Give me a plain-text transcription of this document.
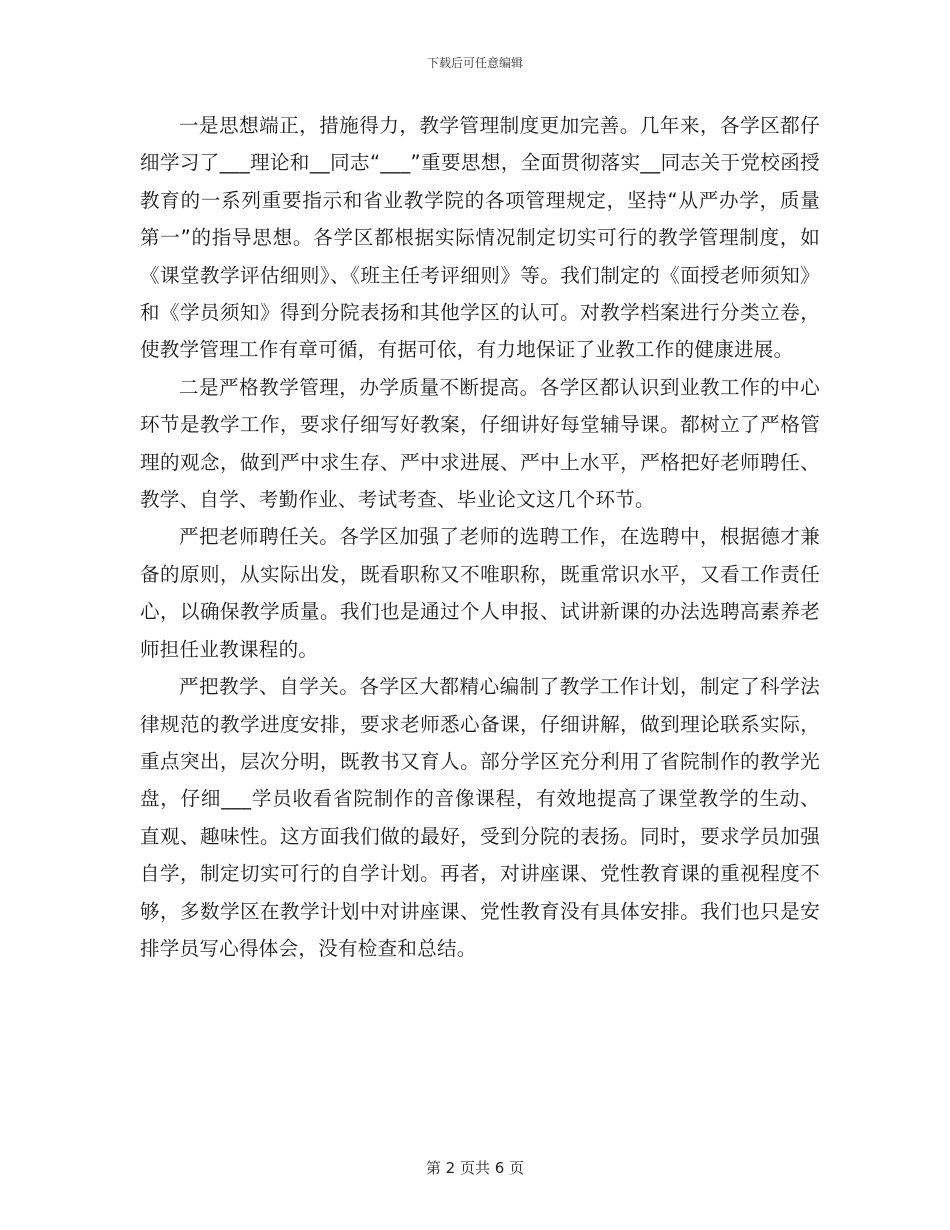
下载后可任意编辑

一是思想端正，措施得力，教学管理制度更加完善。几年来，各学区都仔细学习了___理论和__同志“___”重要思想，全面贯彻落实__同志关于党校函授教育的一系列重要指示和省业教学院的各项管理规定，坚持“从严办学，质量第一”的指导思想。各学区都根据实际情况制定切实可行的教学管理制度，如《课堂教学评估细则》、《班主任考评细则》等。我们制定的《面授老师须知》和《学员须知》得到分院表扬和其他学区的认可。对教学档案进行分类立卷，使教学管理工作有章可循，有据可依，有力地保证了业教工作的健康进展。

二是严格教学管理，办学质量不断提高。各学区都认识到业教工作的中心环节是教学工作，要求仔细写好教案，仔细讲好每堂辅导课。都树立了严格管理的观念，做到严中求生存、严中求进展、严中上水平，严格把好老师聘任、教学、自学、考勤作业、考试考查、毕业论文这几个环节。

严把老师聘任关。各学区加强了老师的选聘工作，在选聘中，根据德才兼备的原则，从实际出发，既看职称又不唯职称，既重常识水平，又看工作责任心，以确保教学质量。我们也是通过个人申报、试讲新课的办法选聘高素养老师担任业教课程的。

严把教学、自学关。各学区大都精心编制了教学工作计划，制定了科学法律规范的教学进度安排，要求老师悉心备课，仔细讲解，做到理论联系实际，重点突出，层次分明，既教书又育人。部分学区充分利用了省院制作的教学光盘，仔细___学员收看省院制作的音像课程，有效地提高了课堂教学的生动、直观、趣味性。这方面我们做的最好，受到分院的表扬。同时，要求学员加强自学，制定切实可行的自学计划。再者，对讲座课、党性教育课的重视程度不够，多数学区在教学计划中对讲座课、党性教育没有具体安排。我们也只是安排学员写心得体会，没有检查和总结。

第 2 页共 6 页
